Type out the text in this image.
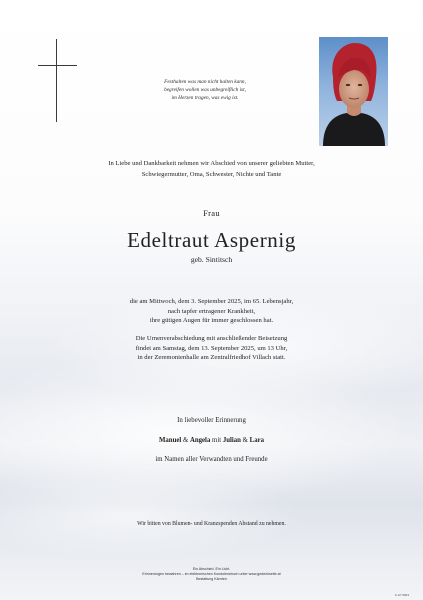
Festhalten was man nicht halten kann,
begreifen wollen was unbegreiflich ist,
im Herzen tragen, was ewig ist.
In Liebe und Dankbarkeit nehmen wir Abschied von unserer geliebten Mutter,
Schwiegermutter, Oma, Schwester, Nichte und Tante
Frau
Edeltraut Aspernig
geb. Sintitsch
die am Mittwoch, dem 3. September 2025, im 65. Lebensjahr,
nach tapfer ertragener Krankheit,
ihre gütigen Augen für immer geschlossen hat.
Die Urnenverabschiedung mit anschließender Beisetzung
findet am Samstag, dem 13. September 2025, um 13 Uhr,
in der Zeremonienhalle am Zentralfriedhof Villach statt.
In liebevoller Erinnerung
Manuel & Angela mit Julian & Lara
im Namen aller Verwandten und Freunde
Wir bitten von Blumen- und Kranzspenden Abstand zu nehmen.
Ein Abschied. Ein Licht.
Erinnerungen bewahren – im elektronischen Kondolenzbuch unter www.gedenkseite.at
Bestattung Kärnten
K-LP 9843
